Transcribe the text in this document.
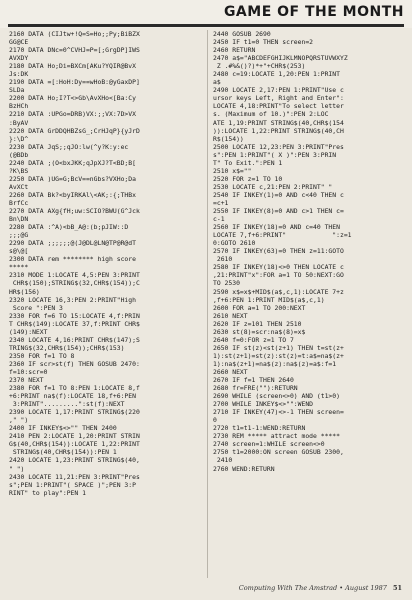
GAME OF THE MONTH
2160 DATA (CIJtw+!Q=S=Ho;;Py;BiBZX
GG@CE
2170 DATA DNc=0^CVHJ=P=[;GrgDP]IWS
AVXDY
2180 DATA Ho;Di=BXCm[AKu?YQIR@BvX
Js:DK
2190 DATA =[:HoH:Dy==wHoB:@yGaxDP]
SLDa
2200 DATA Ho;I?T<>Gb\AvXHo<[Ba:Cy
BzHCh
2210 DATA :UPGo=DRB)VX:;;VX:7D>VX
:ByAV
2220 DATA GrDDQHBZsG_;CrHJqP}{yJrD
}:\D^
2230 DATA JqS;;qJO:lw(^y?K:y:ec
(@BDb
2240 DATA ;(O<bxJKK;qJpXJ?T<BD;B[
?K\BS
2250 DATA )UG=G;BcV==nGbs?VXHo;Da
AvXCt
2260 DATA Bk?<byIRKAl\<AK;:{;THBx
BrfCc
2270 DATA AXg{fH;uw:SCIO?BWU(G^Jck
Bn\DN
2280 DATA :^A)<bB_A@:(b;pJIW::D
;;;@G
2290 DATA ;;;;;;@(J@DL@LN@TP@R@dT
s@\@[
2300 DATA rem ******** high score
*****
2310 MODE 1:LOCATE 4,5:PEN 3:PRINT
CHR$(150);STRING$(32,CHR$(154));C
HR$(156)
2320 LOCATE 16,3:PEN 2:PRINT"High
Score ":PEN 3
2330 FOR f=6 TO 15:LOCATE 4,f:PRIN
T CHR$(149):LOCATE 37,f:PRINT CHR$
(149):NEXT
2340 LOCATE 4,16:PRINT CHR$(147);S
TRING$(32,CHR$(154));CHR$(153)
2350 FOR f=1 TO 8
2360 IF scr>st(f) THEN GOSUB 2470:
f=10:scr=0
2370 NEXT
2380 FOR f=1 TO 8:PEN 1:LOCATE 8,f
+6:PRINT na$(f):LOCATE 18,f+6:PEN
3:PRINT".........":st(f):NEXT
2390 LOCATE 1,17:PRINT STRING$(220
," ")
2400 IF INKEY$<>"" THEN 2400
2410 PEN 2:LOCATE 1,20:PRINT STRIN
G$(40,CHR$(154)):LOCATE 1,22:PRINT
STRING$(40,CHR$(154)):PEN 1
2420 LOCATE 1,23:PRINT STRING$(40,
" ")
2430 LOCATE 11,21:PEN 3:PRINT"Pres
s";PEN 1:PRINT"( SPACE )";PEN 3:P
RINT" to play":PEN 1
2440 GOSUB 2690
2450 IF t1=0 THEN screen=2
2460 RETURN
2470 a$="ABCDEFGHIJKLMNOPQRSTUVWXYZ
Z .#%&()?)*+"+CHR$(253)
2480 c=19:LOCATE 1,20:PEN 1:PRINT
a$
2490 LOCATE 2,17:PEN 1:PRINT"Use c
ursor keys Left, Right and Enter":
LOCATE 4,18:PRINT"To select letter
s. (Maximum of 10.)":PEN 2:LOC
ATE 1,19:PRINT STRING$(40,CHR$(154
)):LOCATE 1,22:PRINT STRING$(40,CH
R$(154))
2500 LOCATE 12,23:PEN 3:PRINT"Pres
s":PEN 1:PRINT"( X )":PEN 3:PRIN
T" To Exit.":PEN 1
2510 x$=""
2520 FOR z=1 TO 10
2530 LOCATE c,21:PEN 2:PRINT" "
2540 IF INKEY(1)=0 AND c<40 THEN c
=c+1
2550 IF INKEY(8)=0 AND c>1 THEN c=
c-1
2560 IF INKEY(18)=0 AND c=40 THEN
LOCATE 7,f+6:PRINT"            ":z=1
0:GOTO 2610
2570 IF INKEY(63)=0 THEN z=11:GOTO
2610
2580 IF INKEY(18)<>0 THEN LOCATE c
,21:PRINT"x":FOR a=1 TO 50:NEXT:GO
TO 2530
2590 x$=x$+MID$(a$,c,1):LOCATE 7+z
,f+6:PEN 1:PRINT MID$(a$,c,1)
2600 FOR a=1 TO 200:NEXT
2610 NEXT
2620 IF z=101 THEN 2510
2630 st(8)=scr:na$(8)=x$
2640 f=0:FOR z=1 TO 7
2650 IF st(z)<st(z+1) THEN t=st(z+
1):st(z+1)=st(z):st(z)=t:a$=na$(z+
1):na$(z+1)=na$(z):na$(z)=a$:f=1
2660 NEXT
2670 IF f=1 THEN 2640
2680 fr=FRE(""):RETURN
2690 WHILE (screen<>0) AND (t1>0)
2700 WHILE INKEY$<>"":WEND
2710 IF INKEY(47)<>-1 THEN screen=
0
2720 t1=t1-1:WEND:RETURN
2730 REM ***** attract mode *****
2740 screen=1:WHILE screen<>0
2750 t1=2000:ON screen GOSUB 2300,
2410
2760 WEND:RETURN
Computing With The Amstrad • August 1987 51
